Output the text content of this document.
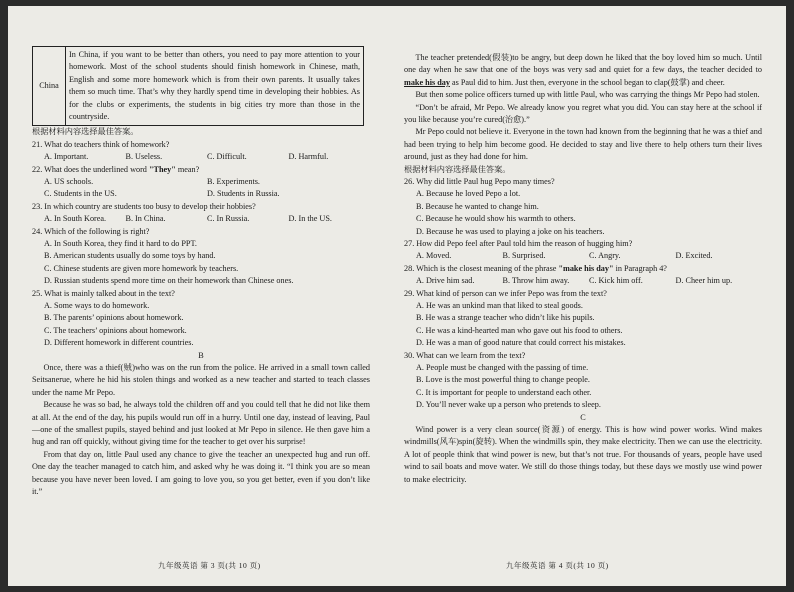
China	In China, if you want to be better than others, you need to pay more attention to your homework. Most of the school students should finish homework in Chinese, math, English and some more homework which is from their own parents. It usually takes them so much time. That’s why they hardly spend time in developing their hobbies. As for the clubs or experiments, the students in big cities try more than those in the countryside.
根据材料内容选择最佳答案。
21. What do teachers think of homework?
A. Important.	B. Useless.	C. Difficult.	D. Harmful.
22. What does the underlined word "They" mean?
A. US schools.	B. Experiments.
C. Students in the US.	D. Students in Russia.
23. In which country are students too busy to develop their hobbies?
A. In South Korea.	B. In China.	C. In Russia.	D. In the US.
24. Which of the following is right?
A. In South Korea, they find it hard to do PPT.
B. American students usually do some toys by hand.
C. Chinese students are given more homework by teachers.
D. Russian students spend more time on their homework than Chinese ones.
25. What is mainly talked about in the text?
A. Some ways to do homework.
B. The parents’ opinions about homework.
C. The teachers’ opinions about homework.
D. Different homework in different countries.
B
Once, there was a thief(贼)who was on the run from the police. He arrived in a small town called Seitsanerue, where he hid his stolen things and worked as a new teacher and started to teach classes under the name Mr Pepo.
Because he was so bad, he always told the children off and you could tell that he did not like them at all. At the end of the day, his pupils would run off in a hurry. Until one day, instead of leaving, Paul—one of the smallest pupils, stayed behind and just looked at Mr Pepo in silence. He then gave him a hug and ran off quickly, without giving time for the teacher to get over his surprise!
From that day on, little Paul used any chance to give the teacher an unexpected hug and run off. One day the teacher managed to catch him, and asked why he was doing it. “I think you are so mean because you have never been loved. I am going to love you, so you get better, even if you don’t like it.”
九年级英语 第 3 页(共 10 页)
The teacher pretended(假装)to be angry, but deep down he liked that the boy loved him so much. Until one day when he saw that one of the boys was very sad and quiet for a few days, the teacher decided to make his day as Paul did to him. Just then, everyone in the school began to clap(鼓掌) and cheer.
But then some police officers turned up with little Paul, who was carrying the things Mr Pepo had stolen.
“Don’t be afraid, Mr Pepo. We already know you regret what you did. You can stay here at the school if you like because you’re cured(治愈).”
Mr Pepo could not believe it. Everyone in the town had known from the beginning that he was a thief and had been trying to help him become good. He decided to stay and live there to help others turn their lives around, just as they had done for him.
根据材料内容选择最佳答案。
26. Why did little Paul hug Pepo many times?
A. Because he loved Pepo a lot.
B. Because he wanted to change him.
C. Because he would show his warmth to others.
D. Because he was used to playing a joke on his teachers.
27. How did Pepo feel after Paul told him the reason of hugging him?
A. Moved.	B. Surprised.	C. Angry.	D. Excited.
28. Which is the closest meaning of the phrase "make his day" in Paragraph 4?
A. Drive him sad.	B. Throw him away.	C. Kick him off.	D. Cheer him up.
29. What kind of person can we infer Pepo was from the text?
A. He was an unkind man that liked to steal goods.
B. He was a strange teacher who didn’t like his pupils.
C. He was a kind-hearted man who gave out his food to others.
D. He was a man of good nature that could correct his mistakes.
30. What can we learn from the text?
A. People must be changed with the passing of time.
B. Love is the most powerful thing to change people.
C. It is important for people to understand each other.
D. You’ll never wake up a person who pretends to sleep.
C
Wind power is a very clean source(资源) of energy. This is how wind power works. Wind makes windmills(风车)spin(旋转). When the windmills spin, they make electricity. Then we can use the electricity. A lot of people think that wind power is new, but that’s not true. For thousands of years, people have used wind to sail boats and move water. We still do those things today, but these days we mostly use wind power to make electricity.
九年级英语 第 4 页(共 10 页)
